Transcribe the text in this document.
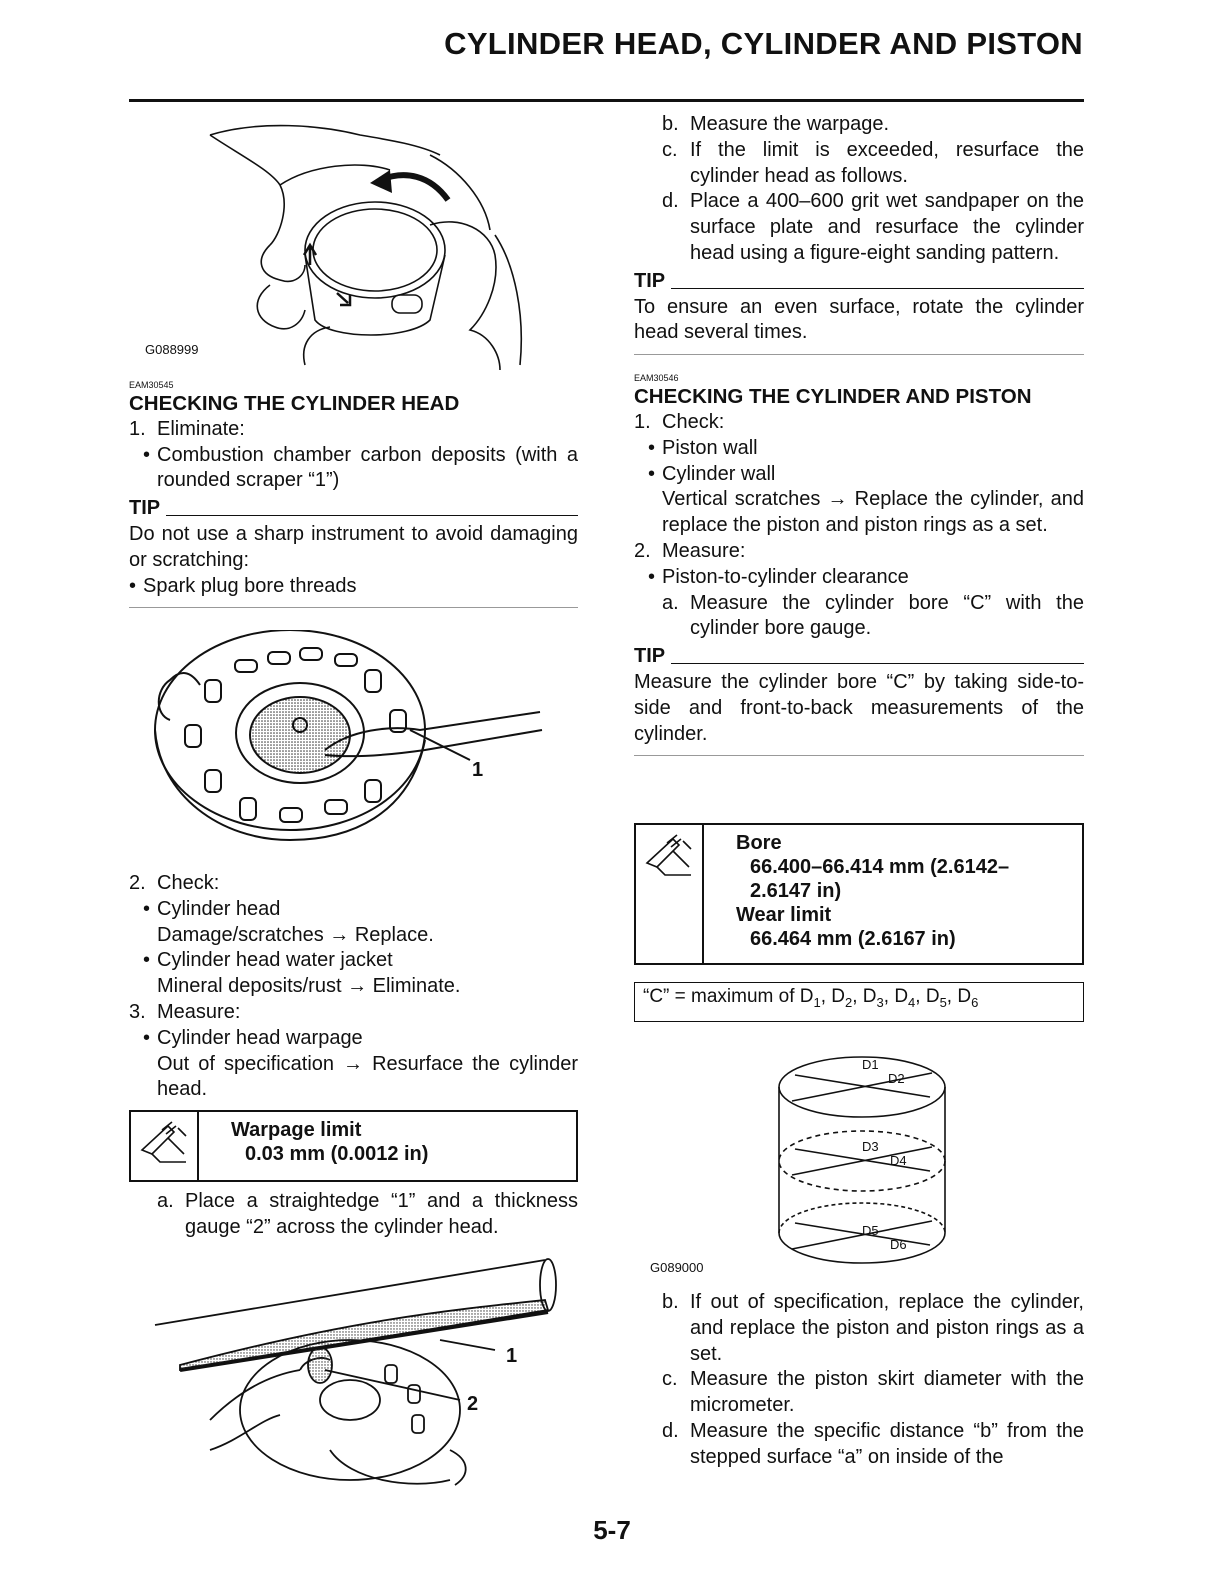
CYLINDER HEAD, CYLINDER AND PISTON
G088999

EAM30545

CHECKING THE CYLINDER HEAD

1. Eliminate:
• Combustion chamber carbon deposits (with a rounded scraper “1”)
TIP

Do not use a sharp instrument to avoid damaging or scratching:

• Spark plug bore threads
1
2. Check:
• Cylinder head

Damage/scratches → Replace.

• Cylinder head water jacket

Mineral deposits/rust → Eliminate.

3. Measure:
• Cylinder head warpage

Out of specification → Resurface the cylinder head.

Warpage limit
0.03 mm (0.0012 in)
a. Place a straightedge “1” and a thickness gauge “2” across the cylinder head.
1
2
b. Measure the warpage.
c. If the limit is exceeded, resurface the cylinder head as follows.
d. Place a 400–600 grit wet sandpaper on the surface plate and resurface the cylinder head using a figure-eight sanding pattern.
TIP

To ensure an even surface, rotate the cylinder head several times.

EAM30546

CHECKING THE CYLINDER AND PISTON

1. Check:
• Piston wall
• Cylinder wall

Vertical scratches → Replace the cylinder, and replace the piston and piston rings as a set.

2. Measure:
• Piston-to-cylinder clearance
a. Measure the cylinder bore “C” with the cylinder bore gauge.
TIP

Measure the cylinder bore “C” by taking side-to-side and front-to-back measurements of the cylinder.

Bore
66.400–66.414 mm (2.6142–
2.6147 in)
Wear limit
66.464 mm (2.6167 in)
“C” = maximum of $D_1$, $D_2$, $D_3$, $D_4$, $D_5$, $D_6$
D1
D2
D3
D4
D5
D6
G089000
b. If out of specification, replace the cylinder, and replace the piston and piston rings as a set.
c. Measure the piston skirt diameter with the micrometer.
d. Measure the specific distance “b” from the stepped surface “a” on inside of the
5-7
